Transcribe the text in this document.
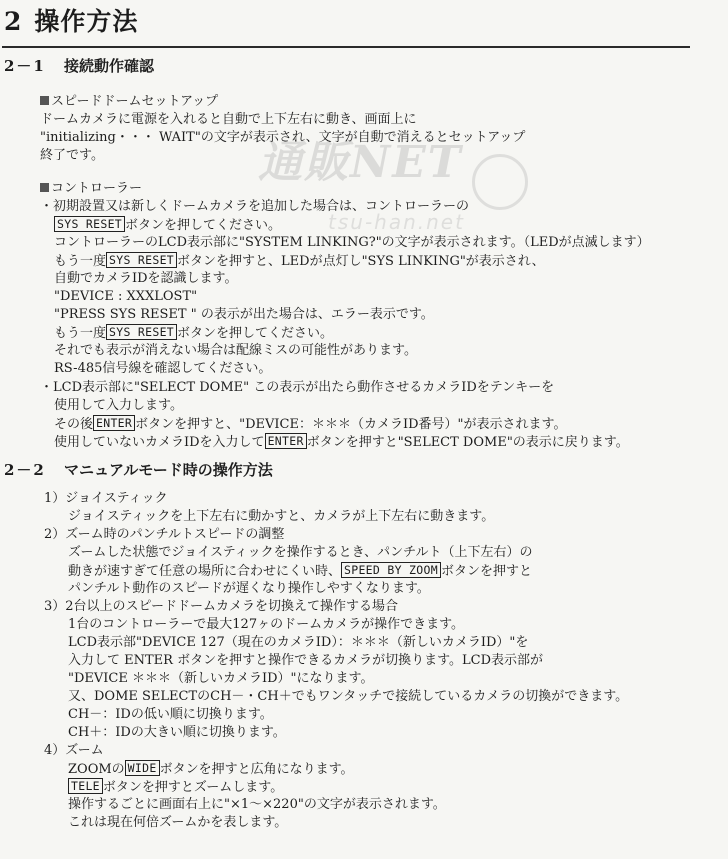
2 操作方法
2－1 接続動作確認
スピードドームセットアップ
ドームカメラに電源を入れると自動で上下左右に動き、画面上に
"initializing・・・ WAIT"の文字が表示され、文字が自動で消えるとセットアップ
終了です。
コントローラー
・初期設置又は新しくドームカメラを追加した場合は、コントローラーの
SYS RESET ボタンを押してください。
コントローラーのLCD表示部に"SYSTEM LINKING?"の文字が表示されます。（LEDが点滅します）
もう一度 SYS RESET ボタンを押すと、LEDが点灯し"SYS LINKING"が表示され、
自動でカメラIDを認識します。
"DEVICE : XXXLOST"
"PRESS SYS RESET " の表示が出た場合は、エラー表示です。
もう一度 SYS RESET ボタンを押してください。
それでも表示が消えない場合は配線ミスの可能性があります。
RS-485信号線を確認してください。
・LCD表示部に"SELECT DOME" この表示が出たら動作させるカメラIDをテンキーを
使用して入力します。
その後 ENTER ボタンを押すと、"DEVICE：＊＊＊（カメラID番号）"が表示されます。
使用していないカメラIDを入力して ENTER ボタンを押すと"SELECT DOME"の表示に戻ります。
2－2 マニュアルモード時の操作方法
1）ジョイスティック
ジョイスティックを上下左右に動かすと、カメラが上下左右に動きます。
2）ズーム時のパンチルトスピードの調整
ズームした状態でジョイスティックを操作するとき、パンチルト（上下左右）の
動きが速すぎて任意の場所に合わせにくい時、 SPEED BY ZOOM ボタンを押すと
パンチルト動作のスピードが遅くなり操作しやすくなります。
3）2台以上のスピードドームカメラを切換えて操作する場合
1台のコントローラーで最大127ヶのドームカメラが操作できます。
LCD表示部"DEVICE 127（現在のカメラID）：＊＊＊（新しいカメラID）"を
入力して ENTER ボタンを押すと操作できるカメラが切換ります。LCD表示部が
"DEVICE ＊＊＊（新しいカメラID）"になります。
又、DOME SELECTのCH－・CH＋でもワンタッチで接続しているカメラの切換ができます。
CH－：IDの低い順に切換ります。
CH＋：IDの大きい順に切換ります。
4）ズーム
ZOOMの WIDE ボタンを押すと広角になります。
TELE ボタンを押すとズームします。
操作するごとに画面右上に"×1～×220"の文字が表示されます。
これは現在何倍ズームかを表します。
通販NET
tsu-han.net
